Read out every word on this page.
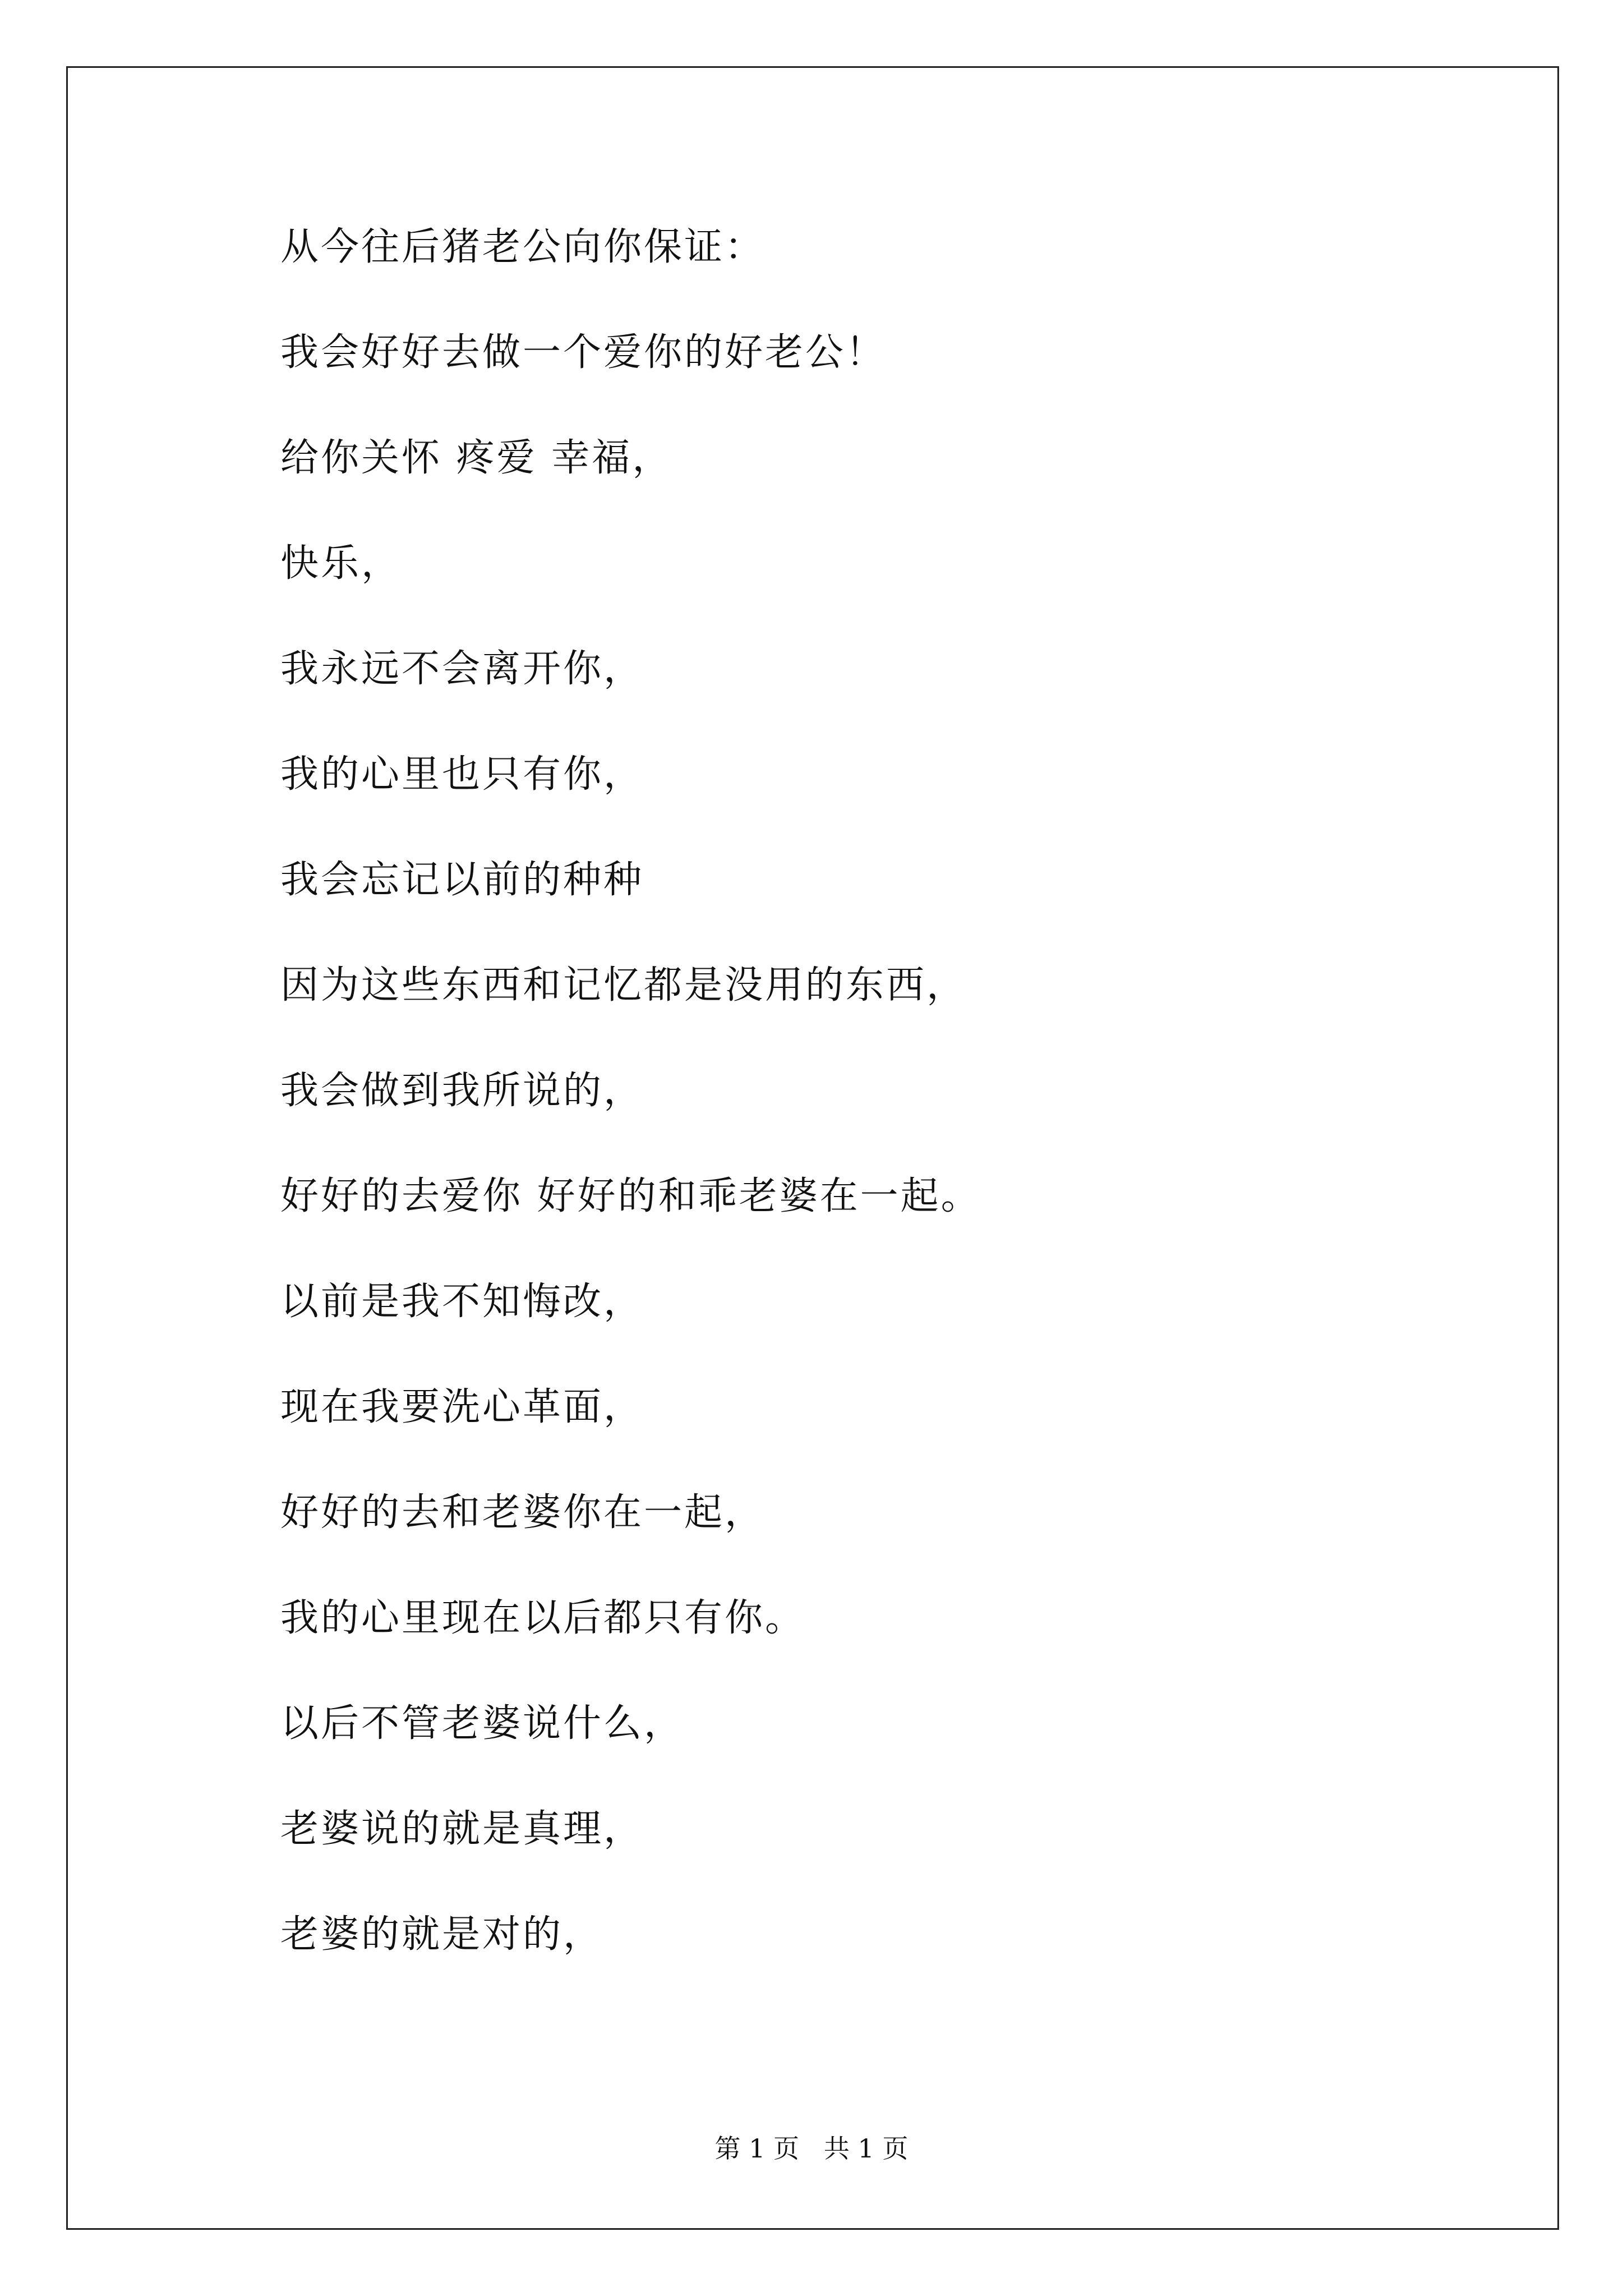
从今往后猪老公向你保证：
我会好好去做一个爱你的好老公！
给你关怀 疼爱 幸福，
快乐，
我永远不会离开你，
我的心里也只有你，
我会忘记以前的种种
因为这些东西和记忆都是没用的东西，
我会做到我所说的，
好好的去爱你 好好的和乖老婆在一起。
以前是我不知悔改，
现在我要洗心革面，
好好的去和老婆你在一起，
我的心里现在以后都只有你。
以后不管老婆说什么，
老婆说的就是真理，
老婆的就是对的，
第 1 页   共 1 页
